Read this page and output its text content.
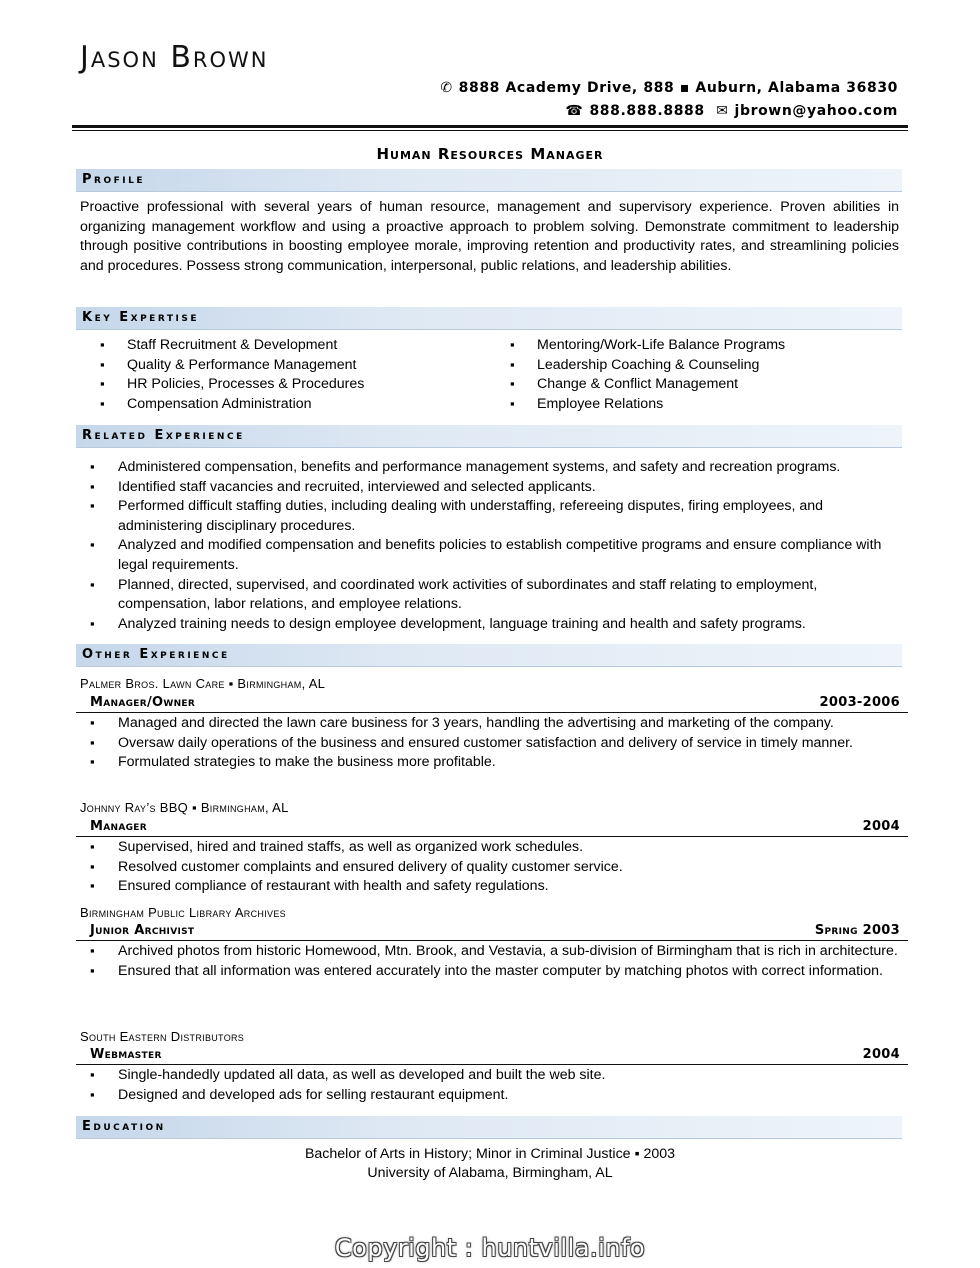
Jason Brown
✆ 8888 Academy Drive, 888 ▪ Auburn, Alabama 36830
☎ 888.888.8888 ✉ jbrown@yahoo.com
Human Resources Manager
Profile
Proactive professional with several years of human resource, management and supervisory experience. Proven abilities in organizing management workflow and using a proactive approach to problem solving. Demonstrate commitment to leadership through positive contributions in boosting employee morale, improving retention and productivity rates, and streamlining policies and procedures. Possess strong communication, interpersonal, public relations, and leadership abilities.
Key Expertise
▪ Staff Recruitment & Development
▪ Quality & Performance Management
▪ HR Policies, Processes & Procedures
▪ Compensation Administration
▪ Mentoring/Work-Life Balance Programs
▪ Leadership Coaching & Counseling
▪ Change & Conflict Management
▪ Employee Relations
Related Experience
▪ Administered compensation, benefits and performance management systems, and safety and recreation programs.
▪ Identified staff vacancies and recruited, interviewed and selected applicants.
▪ Performed difficult staffing duties, including dealing with understaffing, refereeing disputes, firing employees, and administering disciplinary procedures.
▪ Analyzed and modified compensation and benefits policies to establish competitive programs and ensure compliance with legal requirements.
▪ Planned, directed, supervised, and coordinated work activities of subordinates and staff relating to employment, compensation, labor relations, and employee relations.
▪ Analyzed training needs to design employee development, language training and health and safety programs.
Other Experience
Palmer Bros. Lawn Care ▪ Birmingham, AL
Manager/Owner	2003-2006
▪ Managed and directed the lawn care business for 3 years, handling the advertising and marketing of the company.
▪ Oversaw daily operations of the business and ensured customer satisfaction and delivery of service in timely manner.
▪ Formulated strategies to make the business more profitable.
Johnny Ray’s BBQ ▪ Birmingham, AL
Manager	2004
▪ Supervised, hired and trained staffs, as well as organized work schedules.
▪ Resolved customer complaints and ensured delivery of quality customer service.
▪ Ensured compliance of restaurant with health and safety regulations.
Birmingham Public Library Archives
Junior Archivist	Spring 2003
▪ Archived photos from historic Homewood, Mtn. Brook, and Vestavia, a sub-division of Birmingham that is rich in architecture.
▪ Ensured that all information was entered accurately into the master computer by matching photos with correct information.
South Eastern Distributors
Webmaster	2004
▪ Single-handedly updated all data, as well as developed and built the web site.
▪ Designed and developed ads for selling restaurant equipment.
Education
Bachelor of Arts in History; Minor in Criminal Justice ▪ 2003
University of Alabama, Birmingham, AL
Copyright : huntvilla.info
